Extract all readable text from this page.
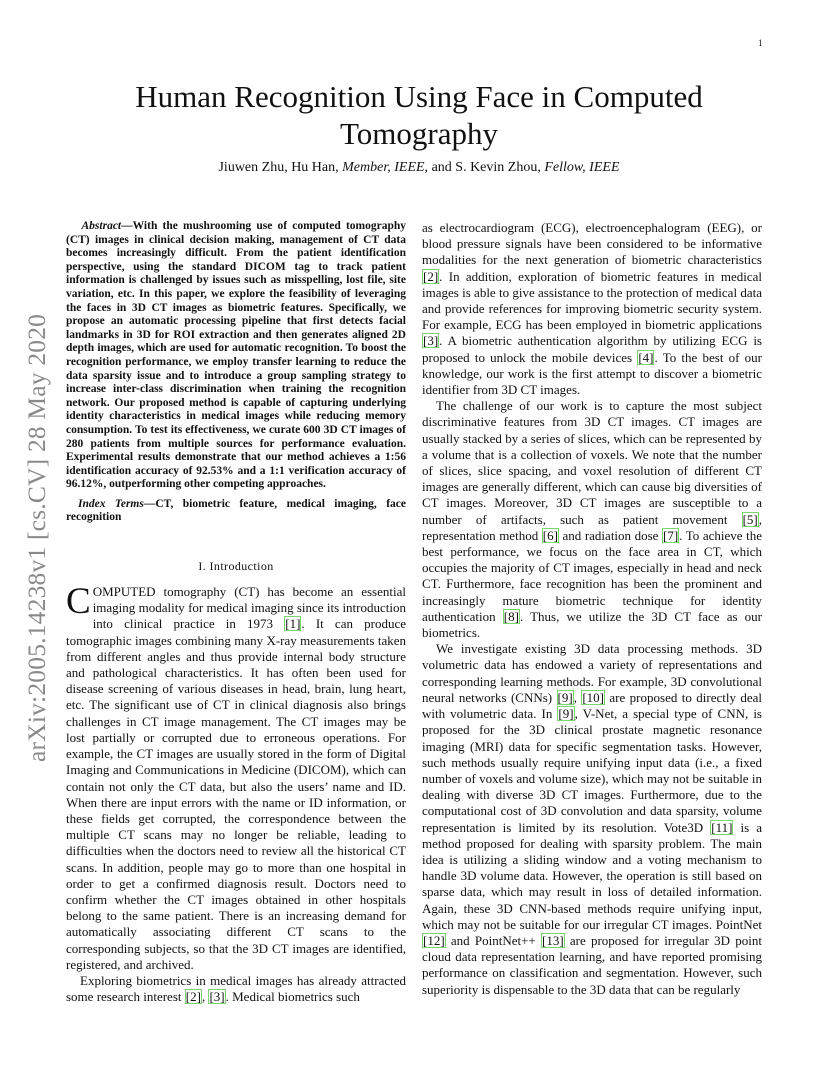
1
arXiv:2005.14238v1 [cs.CV] 28 May 2020
Human Recognition Using Face in Computed Tomography
Jiuwen Zhu, Hu Han, Member, IEEE, and S. Kevin Zhou, Fellow, IEEE
Abstract—With the mushrooming use of computed tomography (CT) images in clinical decision making, management of CT data becomes increasingly difficult. From the patient identification perspective, using the standard DICOM tag to track patient information is challenged by issues such as misspelling, lost file, site variation, etc. In this paper, we explore the feasibility of leveraging the faces in 3D CT images as biometric features. Specifically, we propose an automatic processing pipeline that first detects facial landmarks in 3D for ROI extraction and then generates aligned 2D depth images, which are used for automatic recognition. To boost the recognition performance, we employ transfer learning to reduce the data sparsity issue and to introduce a group sampling strategy to increase inter-class discrimination when training the recognition network. Our proposed method is capable of capturing underlying identity characteristics in medical images while reducing memory consumption. To test its effectiveness, we curate 600 3D CT images of 280 patients from multiple sources for performance evaluation. Experimental results demonstrate that our method achieves a 1:56 identification accuracy of 92.53% and a 1:1 verification accuracy of 96.12%, outperforming other competing approaches.
Index Terms—CT, biometric feature, medical imaging, face recognition
I. Introduction

COMPUTED tomography (CT) has become an essential imaging modality for medical imaging since its introduction into clinical practice in 1973 [1]. It can produce tomographic images combining many X-ray measurements taken from different angles and thus provide internal body structure and pathological characteristics. It has often been used for disease screening of various diseases in head, brain, lung heart, etc. The significant use of CT in clinical diagnosis also brings challenges in CT image management. The CT images may be lost partially or corrupted due to erroneous operations. For example, the CT images are usually stored in the form of Digital Imaging and Communications in Medicine (DICOM), which can contain not only the CT data, but also the users’ name and ID. When there are input errors with the name or ID information, or these fields get corrupted, the correspondence between the multiple CT scans may no longer be reliable, leading to difficulties when the doctors need to review all the historical CT scans. In addition, people may go to more than one hospital in order to get a confirmed diagnosis result. Doctors need to confirm whether the CT images obtained in other hospitals belong to the same patient. There is an increasing demand for automatically associating different CT scans to the corresponding subjects, so that the 3D CT images are identified, registered, and archived.

Exploring biometrics in medical images has already attracted some research interest [2], [3]. Medical biometrics such

as electrocardiogram (ECG), electroencephalogram (EEG), or blood pressure signals have been considered to be informative modalities for the next generation of biometric characteristics [2]. In addition, exploration of biometric features in medical images is able to give assistance to the protection of medical data and provide references for improving biometric security system. For example, ECG has been employed in biometric applications [3]. A biometric authentication algorithm by utilizing ECG is proposed to unlock the mobile devices [4]. To the best of our knowledge, our work is the first attempt to discover a biometric identifier from 3D CT images.

The challenge of our work is to capture the most subject discriminative features from 3D CT images. CT images are usually stacked by a series of slices, which can be represented by a volume that is a collection of voxels. We note that the number of slices, slice spacing, and voxel resolution of different CT images are generally different, which can cause big diversities of CT images. Moreover, 3D CT images are susceptible to a number of artifacts, such as patient movement [5], representation method [6] and radiation dose [7]. To achieve the best performance, we focus on the face area in CT, which occupies the majority of CT images, especially in head and neck CT. Furthermore, face recognition has been the prominent and increasingly mature biometric technique for identity authentication [8]. Thus, we utilize the 3D CT face as our biometrics.

We investigate existing 3D data processing methods. 3D volumetric data has endowed a variety of representations and corresponding learning methods. For example, 3D convolutional neural networks (CNNs) [9], [10] are proposed to directly deal with volumetric data. In [9], V-Net, a special type of CNN, is proposed for the 3D clinical prostate magnetic resonance imaging (MRI) data for specific segmentation tasks. However, such methods usually require unifying input data (i.e., a fixed number of voxels and volume size), which may not be suitable in dealing with diverse 3D CT images. Furthermore, due to the computational cost of 3D convolution and data sparsity, volume representation is limited by its resolution. Vote3D [11] is a method proposed for dealing with sparsity problem. The main idea is utilizing a sliding window and a voting mechanism to handle 3D volume data. However, the operation is still based on sparse data, which may result in loss of detailed information. Again, these 3D CNN-based methods require unifying input, which may not be suitable for our irregular CT images. PointNet [12] and PointNet++ [13] are proposed for irregular 3D point cloud data representation learning, and have reported promising performance on classification and segmentation. However, such superiority is dispensable to the 3D data that can be regularly
